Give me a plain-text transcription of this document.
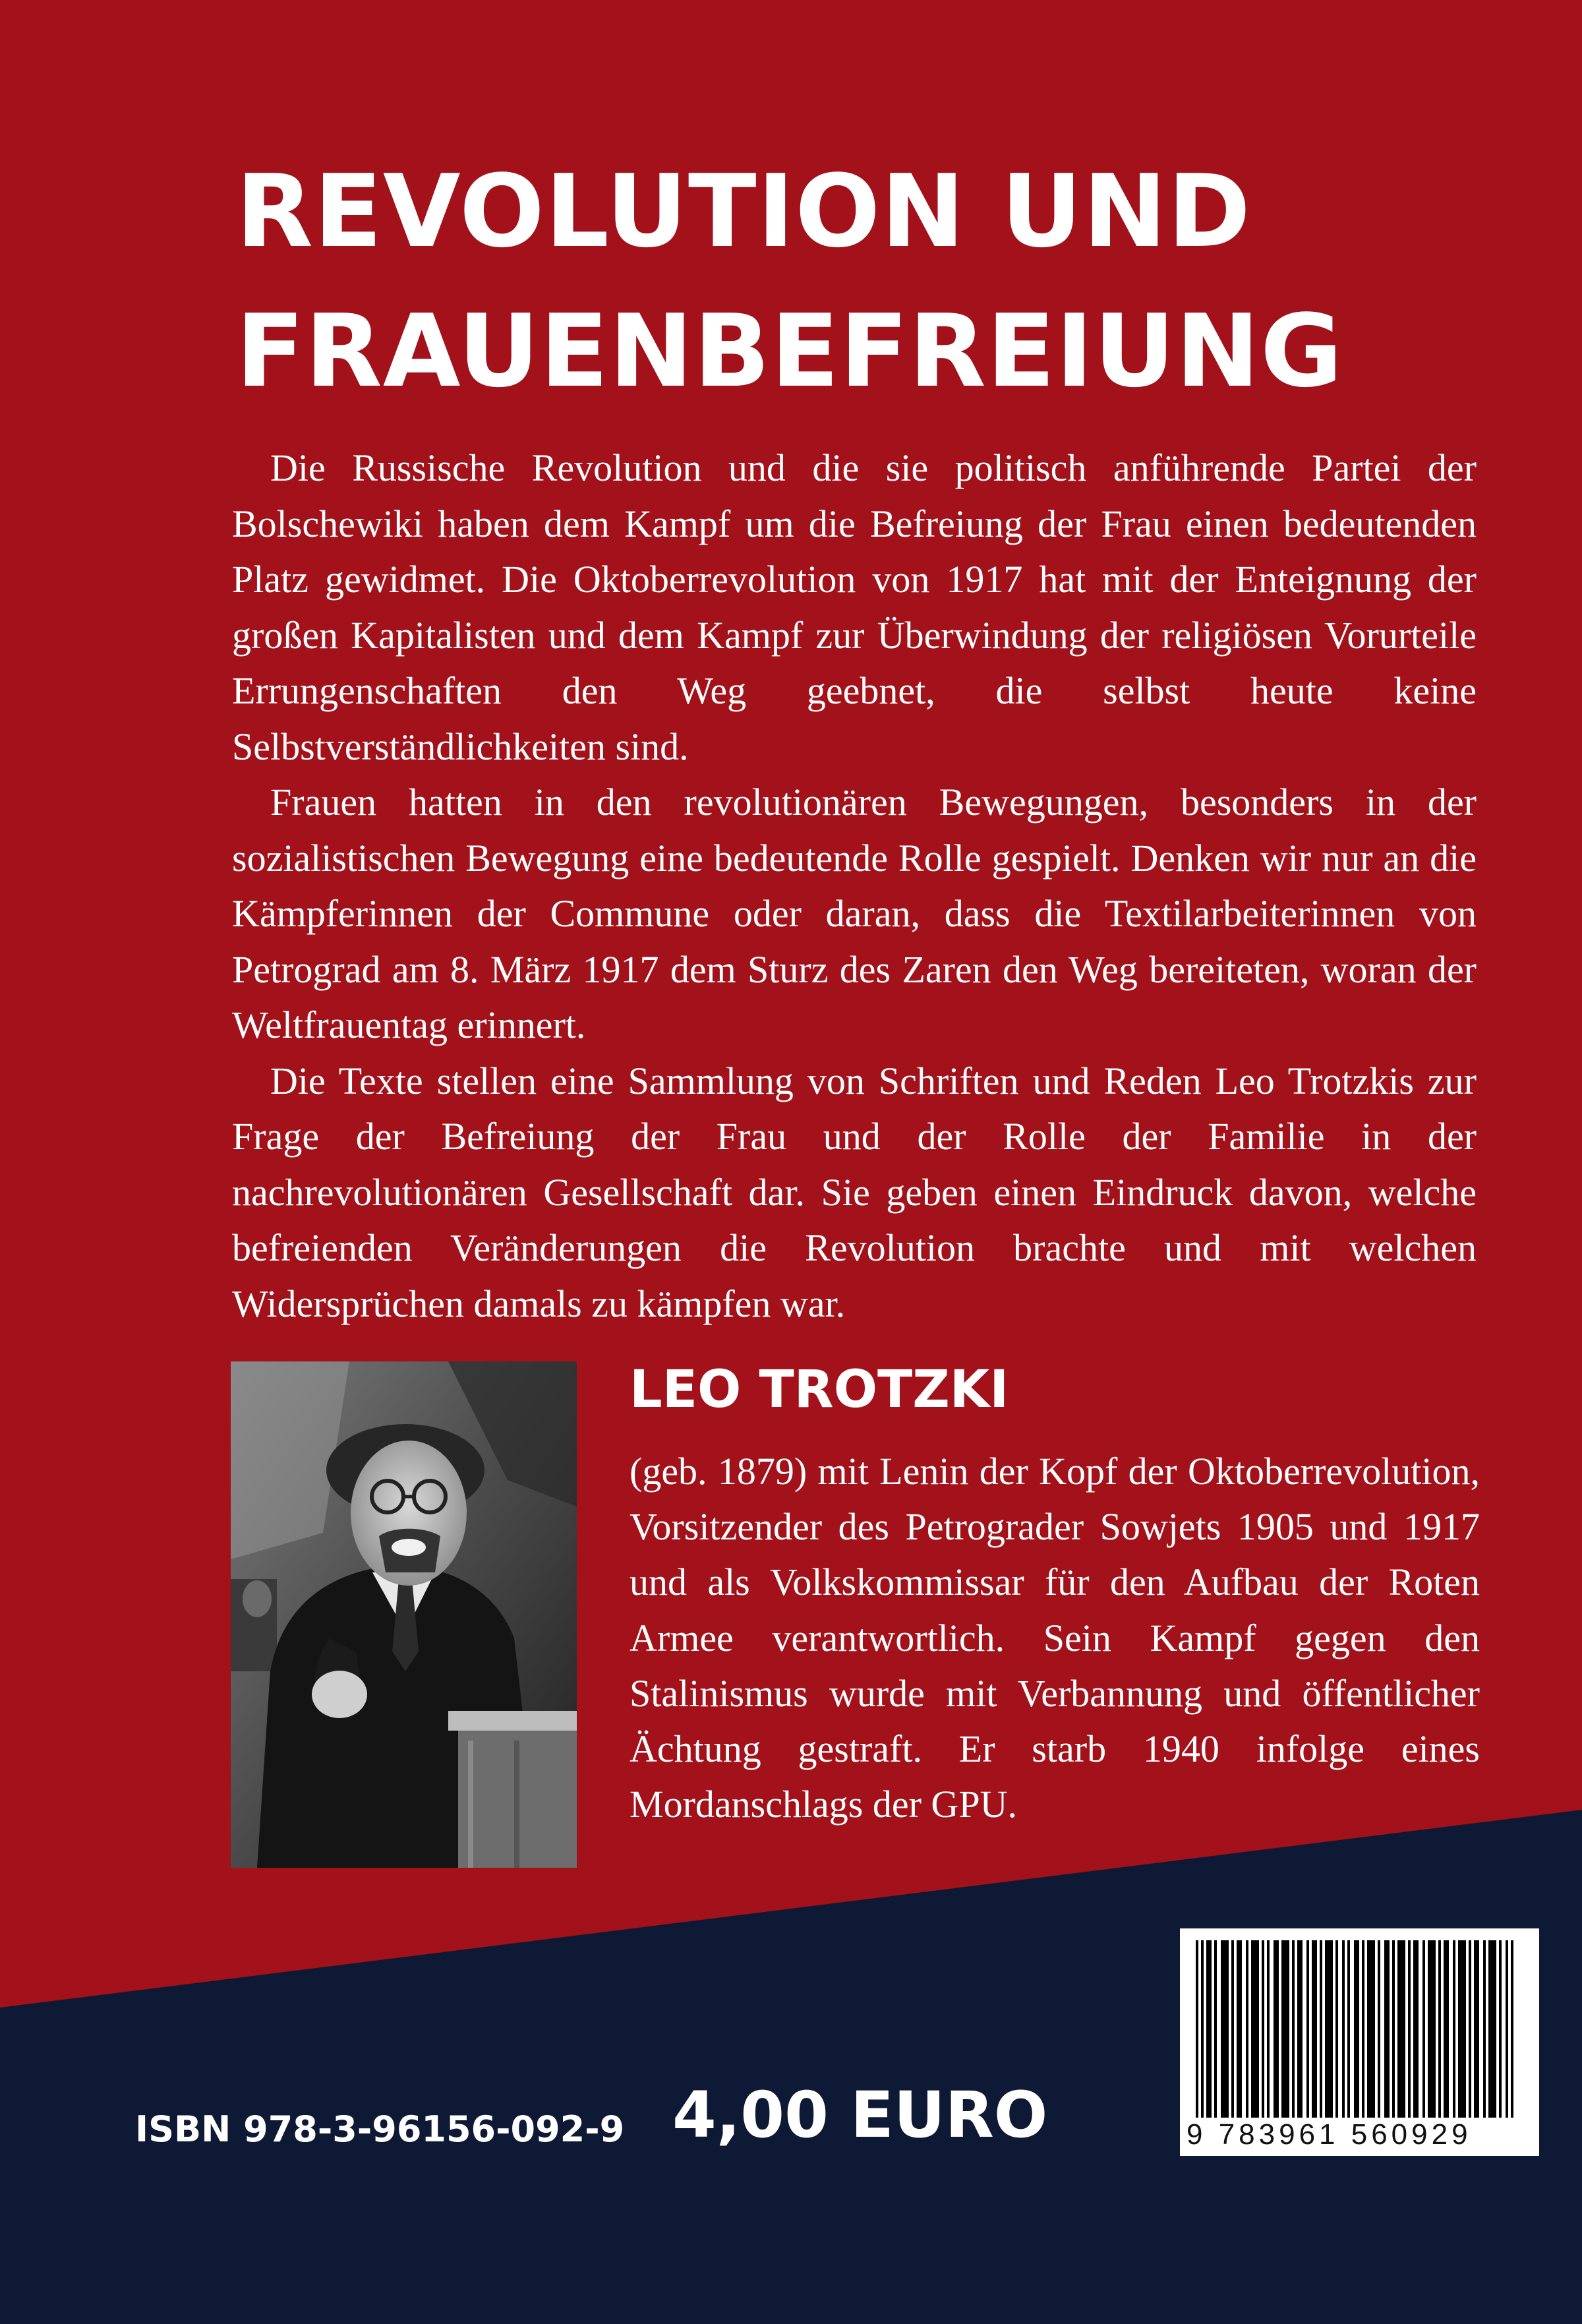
REVOLUTION UND
FRAUENBEFREIUNG

Die Russische Revolution und die sie politisch anführende Partei der Bolschewiki haben dem Kampf um die Befreiung der Frau einen bedeutenden Platz gewidmet. Die Oktoberrevolution von 1917 hat mit der Enteignung der großen Kapitalisten und dem Kampf zur Überwindung der religiösen Vorurteile Errungenschaften den Weg geebnet, die selbst heute keine Selbstverständlichkeiten sind.

Frauen hatten in den revolutionären Bewegungen, besonders in der sozialistischen Bewegung eine bedeutende Rolle gespielt. Denken wir nur an die Kämpferinnen der Commune oder daran, dass die Textilarbeiterinnen von Petrograd am 8. März 1917 dem Sturz des Zaren den Weg bereiteten, woran der Weltfrauentag erinnert.

Die Texte stellen eine Sammlung von Schriften und Reden Leo Trotzkis zur Frage der Befreiung der Frau und der Rolle der Familie in der nachrevolutionären Gesellschaft dar. Sie geben einen Eindruck davon, welche befreienden Veränderungen die Revolution brachte und mit welchen Widersprüchen damals zu kämpfen war.

LEO TROTZKI

(geb. 1879) mit Lenin der Kopf der Oktoberrevolution, Vorsitzender des Petrograder Sowjets 1905 und 1917 und als Volkskommissar für den Aufbau der Roten Armee verantwortlich. Sein Kampf gegen den Stalinismus wurde mit Verbannung und öffentlicher Ächtung gestraft. Er starb 1940 infolge eines Mordanschlags der GPU.

ISBN 978-3-96156-092-9 4,00 EURO	9 783961 560929
